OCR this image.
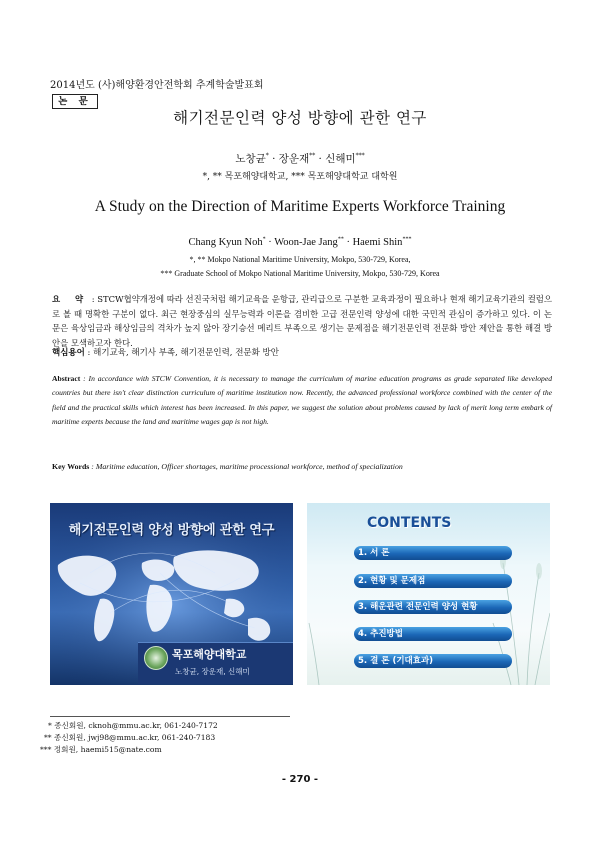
2014년도 (사)해양환경안전학회 추계학술발표회
논 문
해기전문인력 양성 방향에 관한 연구
노창균* · 장운재** · 신해미***
*, ** 목포해양대학교, *** 목포해양대학교 대학원
A Study on the Direction of Maritime Experts Workforce Training
Chang Kyun Noh* · Woon-Jae Jang** · Haemi Shin***
*, ** Mokpo National Maritime University, Mokpo, 530-729, Korea,
*** Graduate School of Mokpo National Maritime University, Mokpo, 530-729, Korea
요 약 : STCW협약개정에 따라 선진국처럼 해기교육을 운항급, 관리급으로 구분한 교육과정이 필요하나 현재 해기교육기관의 컬럼으로 볼 때 명확한 구분이 없다. 최근 현장중심의 실무능력과 이론을 겸비한 고급 전문인력 양성에 대한 국민적 관심이 증가하고 있다. 이 논문은 육상임금과 해상임금의 격차가 높지 않아 장기승선 메리트 부족으로 생기는 문제점을 해기전문인력 전문화 방안 제안을 통한 해결 방안을 모색하고자 한다.
핵심용어 : 해기교육, 해기사 부족, 해기전문인력, 전문화 방안
Abstract : In accordance with STCW Convention, it is necessary to manage the curriculum of marine education programs as grade separated like developed countries but there isn't clear distinction curriculum of maritime institution now. Recently, the advanced professional workforce combined with the center of the field and the practical skills which interest has been increased. In this paper, we suggest the solution about problems caused by lack of merit long term embark of maritime experts because the land and maritime wages gap is not high.
Key Words : Maritime education, Officer shortages, maritime processional workforce, method of specialization
해기전문인력 양성 방향에 관한 연구
목포해양대학교
노창균, 장운재, 신해미
CONTENTS
1. 서 론
2. 현황 및 문제점
3. 해운관련 전문인력 양성 현황
4. 추진방법
5. 결 론 (기대효과)
* 종신회원, cknoh@mmu.ac.kr, 061-240-7172
** 종신회원, jwj98@mmu.ac.kr, 061-240-7183
*** 정회원, haemi515@nate.com
- 270 -
